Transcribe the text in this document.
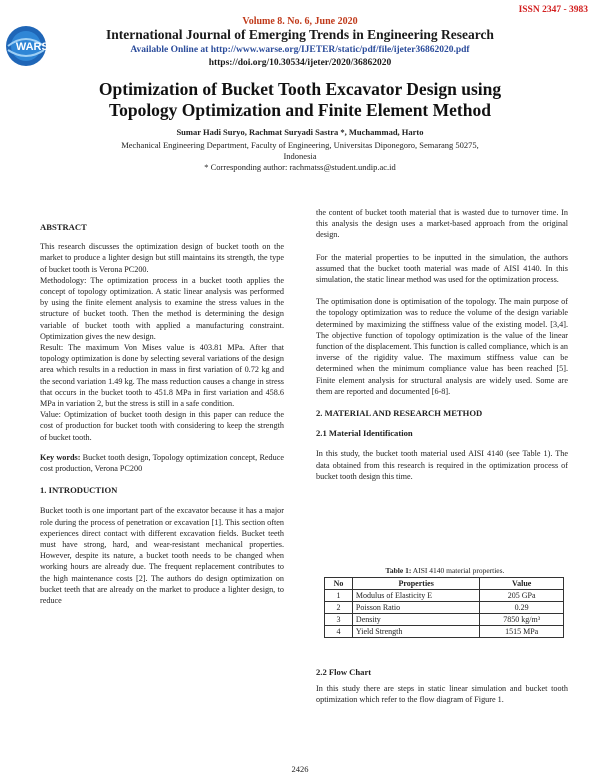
ISSN 2347 - 3983
WARSE
Volume 8. No. 6, June 2020
International Journal of Emerging Trends in Engineering Research
Available Online at http://www.warse.org/IJETER/static/pdf/file/ijeter36862020.pdf
https://doi.org/10.30534/ijeter/2020/36862020
Optimization of Bucket Tooth Excavator Design using
Topology Optimization and Finite Element Method
Sumar Hadi Suryo, Rachmat Suryadi Sastra *, Muchammad, Harto
Mechanical Engineering Department, Faculty of Engineering, Universitas Diponegoro, Semarang 50275,
Indonesia
* Corresponding author: rachmatss@student.undip.ac.id
ABSTRACT

This research discusses the optimization design of bucket tooth on the market to produce a lighter design but still maintains its strength, the type of bucket tooth is Verona PC200.

Methodology: The optimization process in a bucket tooth applies the concept of topology optimization. A static linear analysis was performed by using the finite element analysis to examine the stress values in the structure of bucket tooth. Then the method is determining the design variable of bucket tooth with applied a manufacturing constraint. Optimization gives the new design.

Result: The maximum Von Mises value is 403.81 MPa. After that topology optimization is done by selecting several variations of the design area which results in a reduction in mass in first variation of 0.72 kg and the second variation 1.49 kg. The mass reduction causes a change in stress that occurs in the bucket tooth to 451.8 MPa in first variation and 458.6 MPa in variation 2, but the stress is still in a safe condition.

Value: Optimization of bucket tooth design in this paper can reduce the cost of production for bucket tooth with considering to keep the strength of bucket tooth.

Key words: Bucket tooth design, Topology optimization concept, Reduce cost production, Verona PC200

1. INTRODUCTION

Bucket tooth is one important part of the excavator because it has a major role during the process of penetration or excavation [1]. This section often experiences direct contact with different excavation fields. Bucket teeth must have strong, hard, and wear-resistant mechanical properties. However, despite its nature, a bucket tooth needs to be changed when working hours are already due. The frequent replacement contributes to the high maintenance costs [2]. The authors do design optimization on bucket teeth that are already on the market to produce a lighter design, to reduce

the content of bucket tooth material that is wasted due to turnover time. In this analysis the design uses a market-based approach from the original design.

For the material properties to be inputted in the simulation, the authors assumed that the bucket tooth material was made of AISI 4140. In this simulation, the static linear method was used for the optimization process.

The optimisation done is optimisation of the topology. The main purpose of the topology optimization was to reduce the volume of the design variable determined by maximizing the stiffness value of the existing model. [3,4]. The objective function of topology optimization is the value of the linear function of the displacement. This function is called compliance, which is an inverse of the rigidity value. The maximum stiffness value can be determined when the minimum compliance value has been reached [5]. Finite element analysis for structural analysis are widely used. Some are them are reported and documented [6-8].

2. MATERIAL AND RESEARCH METHOD
2.1 Material Identification

In this study, the bucket tooth material used AISI 4140 (see Table 1). The data obtained from this research is required in the optimization process of bucket tooth design this time.

Table 1: AISI 4140 material properties.
No	Properties	Value
1	Modulus of Elasticity E	205 GPa
2	Poisson Ratio	0.29
3	Density	7850 kg/m³
4	Yield Strength	1515 MPa
2.2 Flow Chart

In this study there are steps in static linear simulation and bucket tooth optimization which refer to the flow diagram of Figure 1.

2426
